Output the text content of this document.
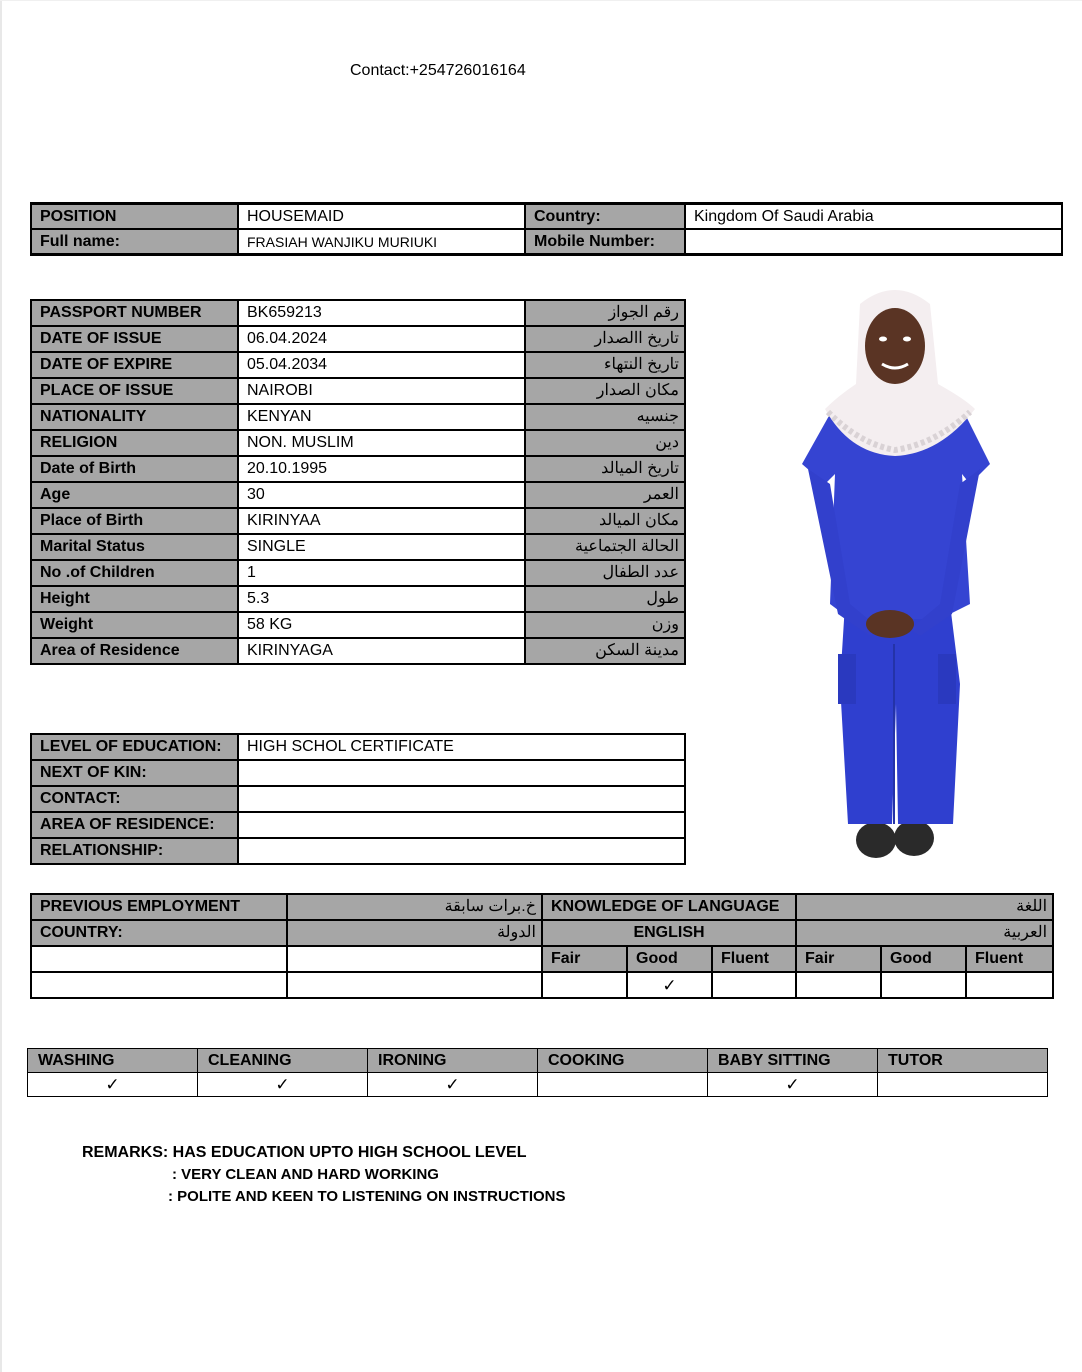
Contact:+254726016164
POSITION	HOUSEMAID	Country:	Kingdom Of Saudi Arabia
Full name:	FRASIAH WANJIKU MURIUKI	Mobile Number:	
PASSPORT NUMBER	BK659213	رقم الجواز
DATE OF ISSUE	06.04.2024	تاريخ االصدار
DATE OF EXPIRE	05.04.2034	تاريخ النتهاء
PLACE OF ISSUE	NAIROBI	مكان الصدار
NATIONALITY	KENYAN	جنسيه
RELIGION	NON. MUSLIM	دين
Date of Birth	20.10.1995	تاريخ الميالد
Age	30	العمر
Place of Birth	KIRINYAA	مكان الميالد
Marital Status	SINGLE	الحالة الجتماعية
No .of Children	1	عدد الطفال
Height	5.3	طول
Weight	58 KG	وزن
Area of Residence	KIRINYAGA	مدينة السكن
LEVEL OF EDUCATION:	HIGH SCHOL CERTIFICATE
NEXT OF KIN:	
CONTACT:	
AREA OF RESIDENCE:	
RELATIONSHIP:	
PREVIOUS EMPLOYMENT	خ.برات سابقة	KNOWLEDGE OF LANGUAGE			اللغة		
COUNTRY:	الدولة	ENGLISH			العربية		
		Fair	Good	Fluent	Fair	Good	Fluent
			✓				
WASHING	CLEANING	IRONING	COOKING	BABY SITTING	TUTOR
✓	✓	✓		✓	
REMARKS: HAS EDUCATION UPTO HIGH SCHOOL LEVEL
: VERY CLEAN AND HARD WORKING
: POLITE AND KEEN TO LISTENING ON INSTRUCTIONS
